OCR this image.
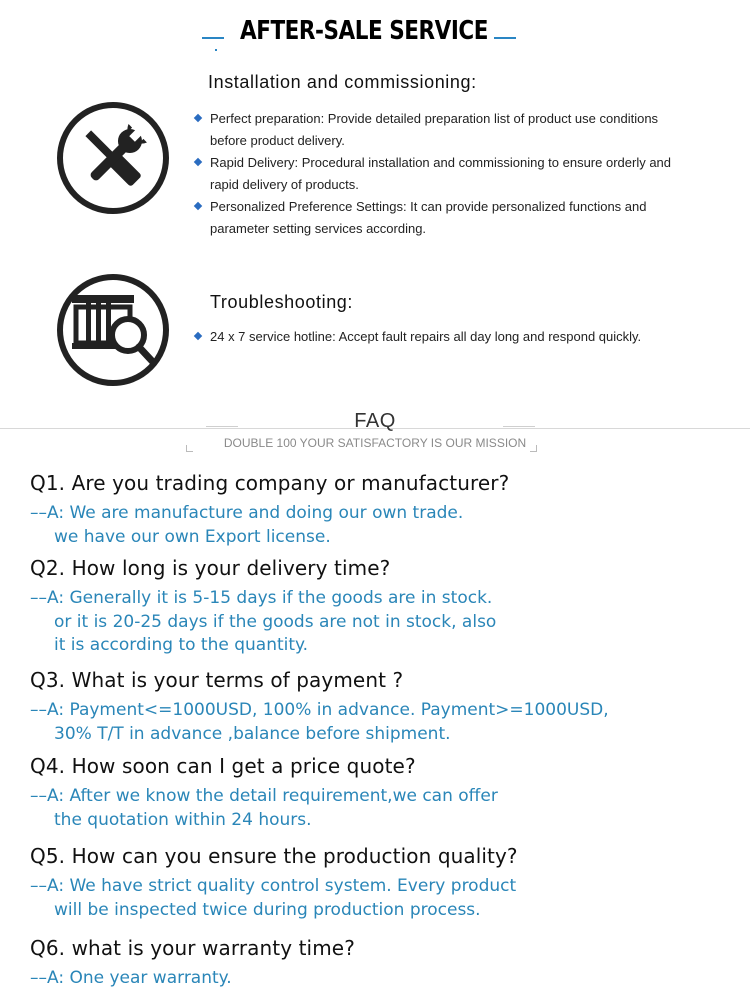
AFTER-SALE SERVICE
Installation and commissioning:
Perfect preparation: Provide detailed preparation list of product use conditions
before product delivery.
Rapid Delivery: Procedural installation and commissioning to ensure orderly and
rapid delivery of products.
Personalized Preference Settings: It can provide personalized functions and
parameter setting services according.
Troubleshooting:
24 x 7 service hotline: Accept fault repairs all day long and respond quickly.
FAQ
DOUBLE 100 YOUR SATISFACTORY IS OUR MISSION
Q1. Are you trading company or manufacturer?
––A: We are manufacture and doing our own trade.
we have our own Export license.
Q2. How long is your delivery time?
––A: Generally it is 5-15 days if the goods are in stock.
or it is 20-25 days if the goods are not in stock, also
it is according to the quantity.
Q3. What is your terms of payment ?
––A: Payment<=1000USD, 100% in advance. Payment>=1000USD,
30% T/T in advance ,balance before shipment.
Q4. How soon can I get a price quote?
––A: After we know the detail requirement,we can offer
the quotation within 24 hours.
Q5. How can you ensure the production quality?
––A: We have strict quality control system. Every product
will be inspected twice during production process.
Q6. what is your warranty time?
––A: One year warranty.
